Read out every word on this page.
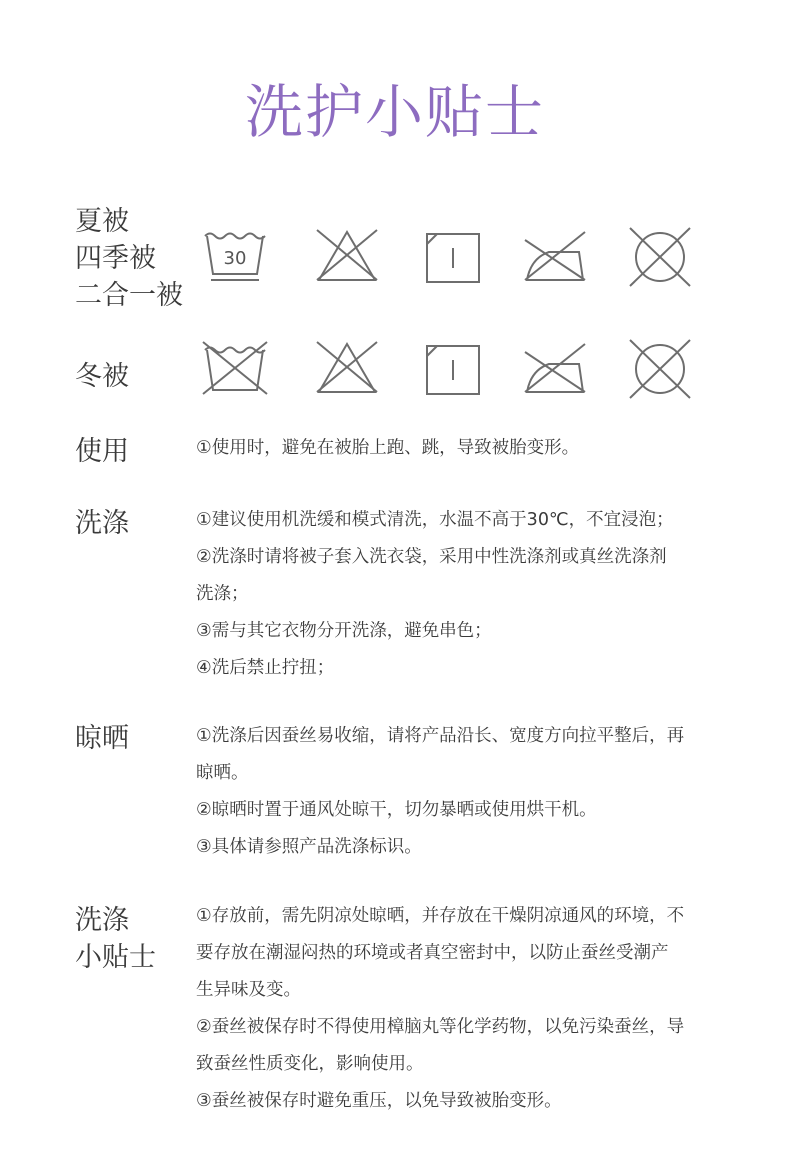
洗护小贴士
夏被
四季被
二合一被
30
冬被
使用	①使用时，避免在被胎上跑、跳，导致被胎变形。
洗涤	①建议使用机洗缓和模式清洗，水温不高于30℃，不宜浸泡；
②洗涤时请将被子套入洗衣袋，采用中性洗涤剂或真丝洗涤剂
洗涤；
③需与其它衣物分开洗涤，避免串色；
④洗后禁止拧扭；
晾晒	①洗涤后因蚕丝易收缩，请将产品沿长、宽度方向拉平整后，再
晾晒。
②晾晒时置于通风处晾干，切勿暴晒或使用烘干机。
③具体请参照产品洗涤标识。
洗涤
小贴士
①存放前，需先阴凉处晾晒，并存放在干燥阴凉通风的环境，不
要存放在潮湿闷热的环境或者真空密封中，以防止蚕丝受潮产
生异味及变。
②蚕丝被保存时不得使用樟脑丸等化学药物，以免污染蚕丝，导
致蚕丝性质变化，影响使用。
③蚕丝被保存时避免重压，以免导致被胎变形。
